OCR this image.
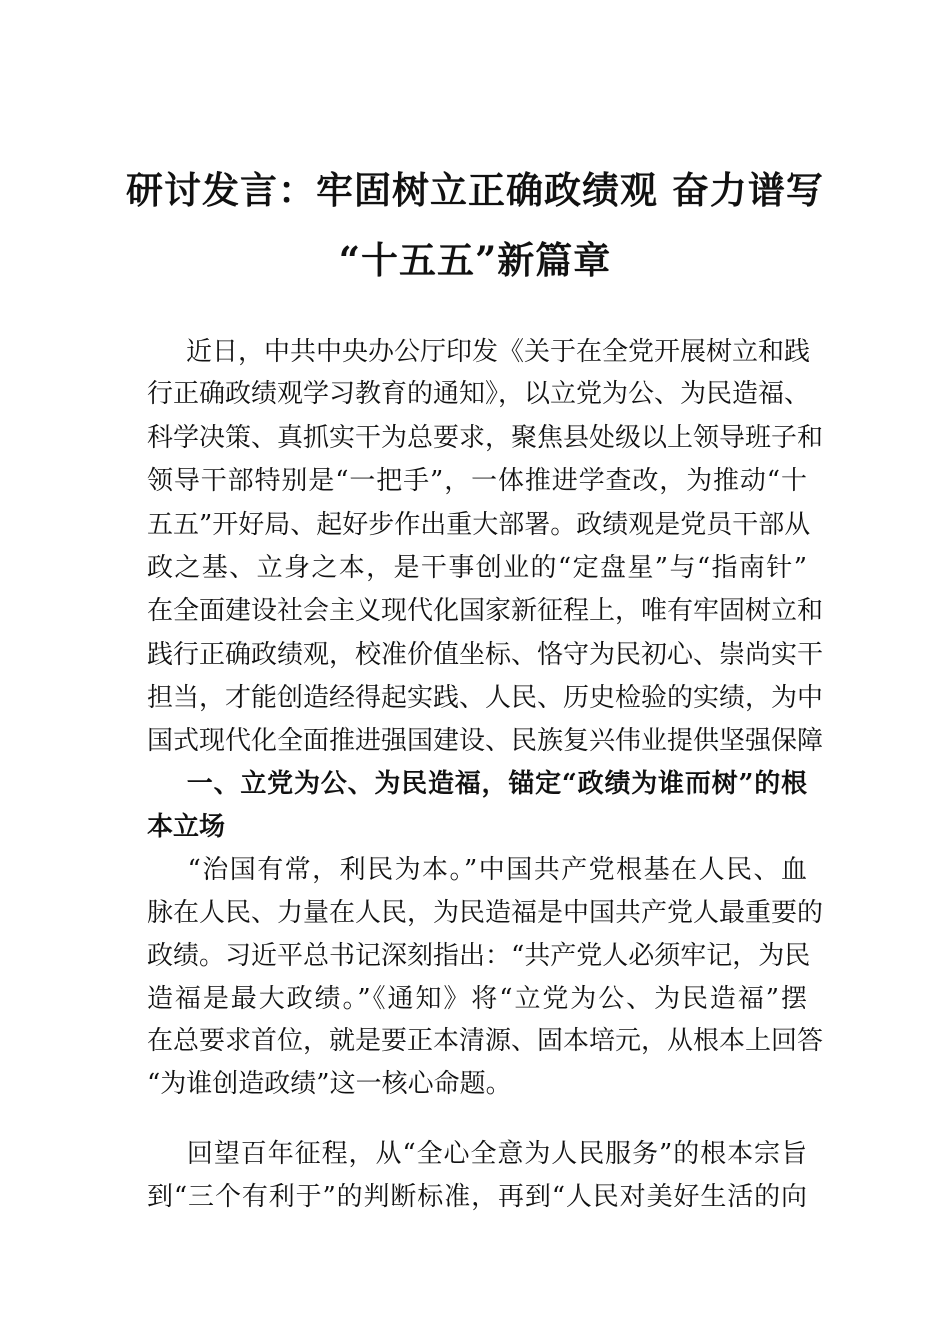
研讨发言：牢固树立正确政绩观 奋力谱写
“十五五”新篇章
　近日，中共中央办公厅印发《关于在全党开展树立和践
行正确政绩观学习教育的通知》，以立党为公、为民造福、
科学决策、真抓实干为总要求，聚焦县处级以上领导班子和
领导干部特别是“一把手”，一体推进学查改，为推动“十
五五”开好局、起好步作出重大部署。政绩观是党员干部从
政之基、立身之本，是干事创业的“定盘星”与“指南针”
在全面建设社会主义现代化国家新征程上，唯有牢固树立和
践行正确政绩观，校准价值坐标、恪守为民初心、崇尚实干
担当，才能创造经得起实践、人民、历史检验的实绩，为中
国式现代化全面推进强国建设、民族复兴伟业提供坚强保障
　一、立党为公、为民造福，锚定“政绩为谁而树”的根
本立场
　“治国有常，利民为本。”中国共产党根基在人民、血
脉在人民、力量在人民，为民造福是中国共产党人最重要的
政绩。习近平总书记深刻指出：“共产党人必须牢记，为民
造福是最大政绩。”《通知》将“立党为公、为民造福”摆
在总要求首位，就是要正本清源、固本培元，从根本上回答
“为谁创造政绩”这一核心命题。
　回望百年征程，从“全心全意为人民服务”的根本宗旨
到“三个有利于”的判断标准，再到“人民对美好生活的向
